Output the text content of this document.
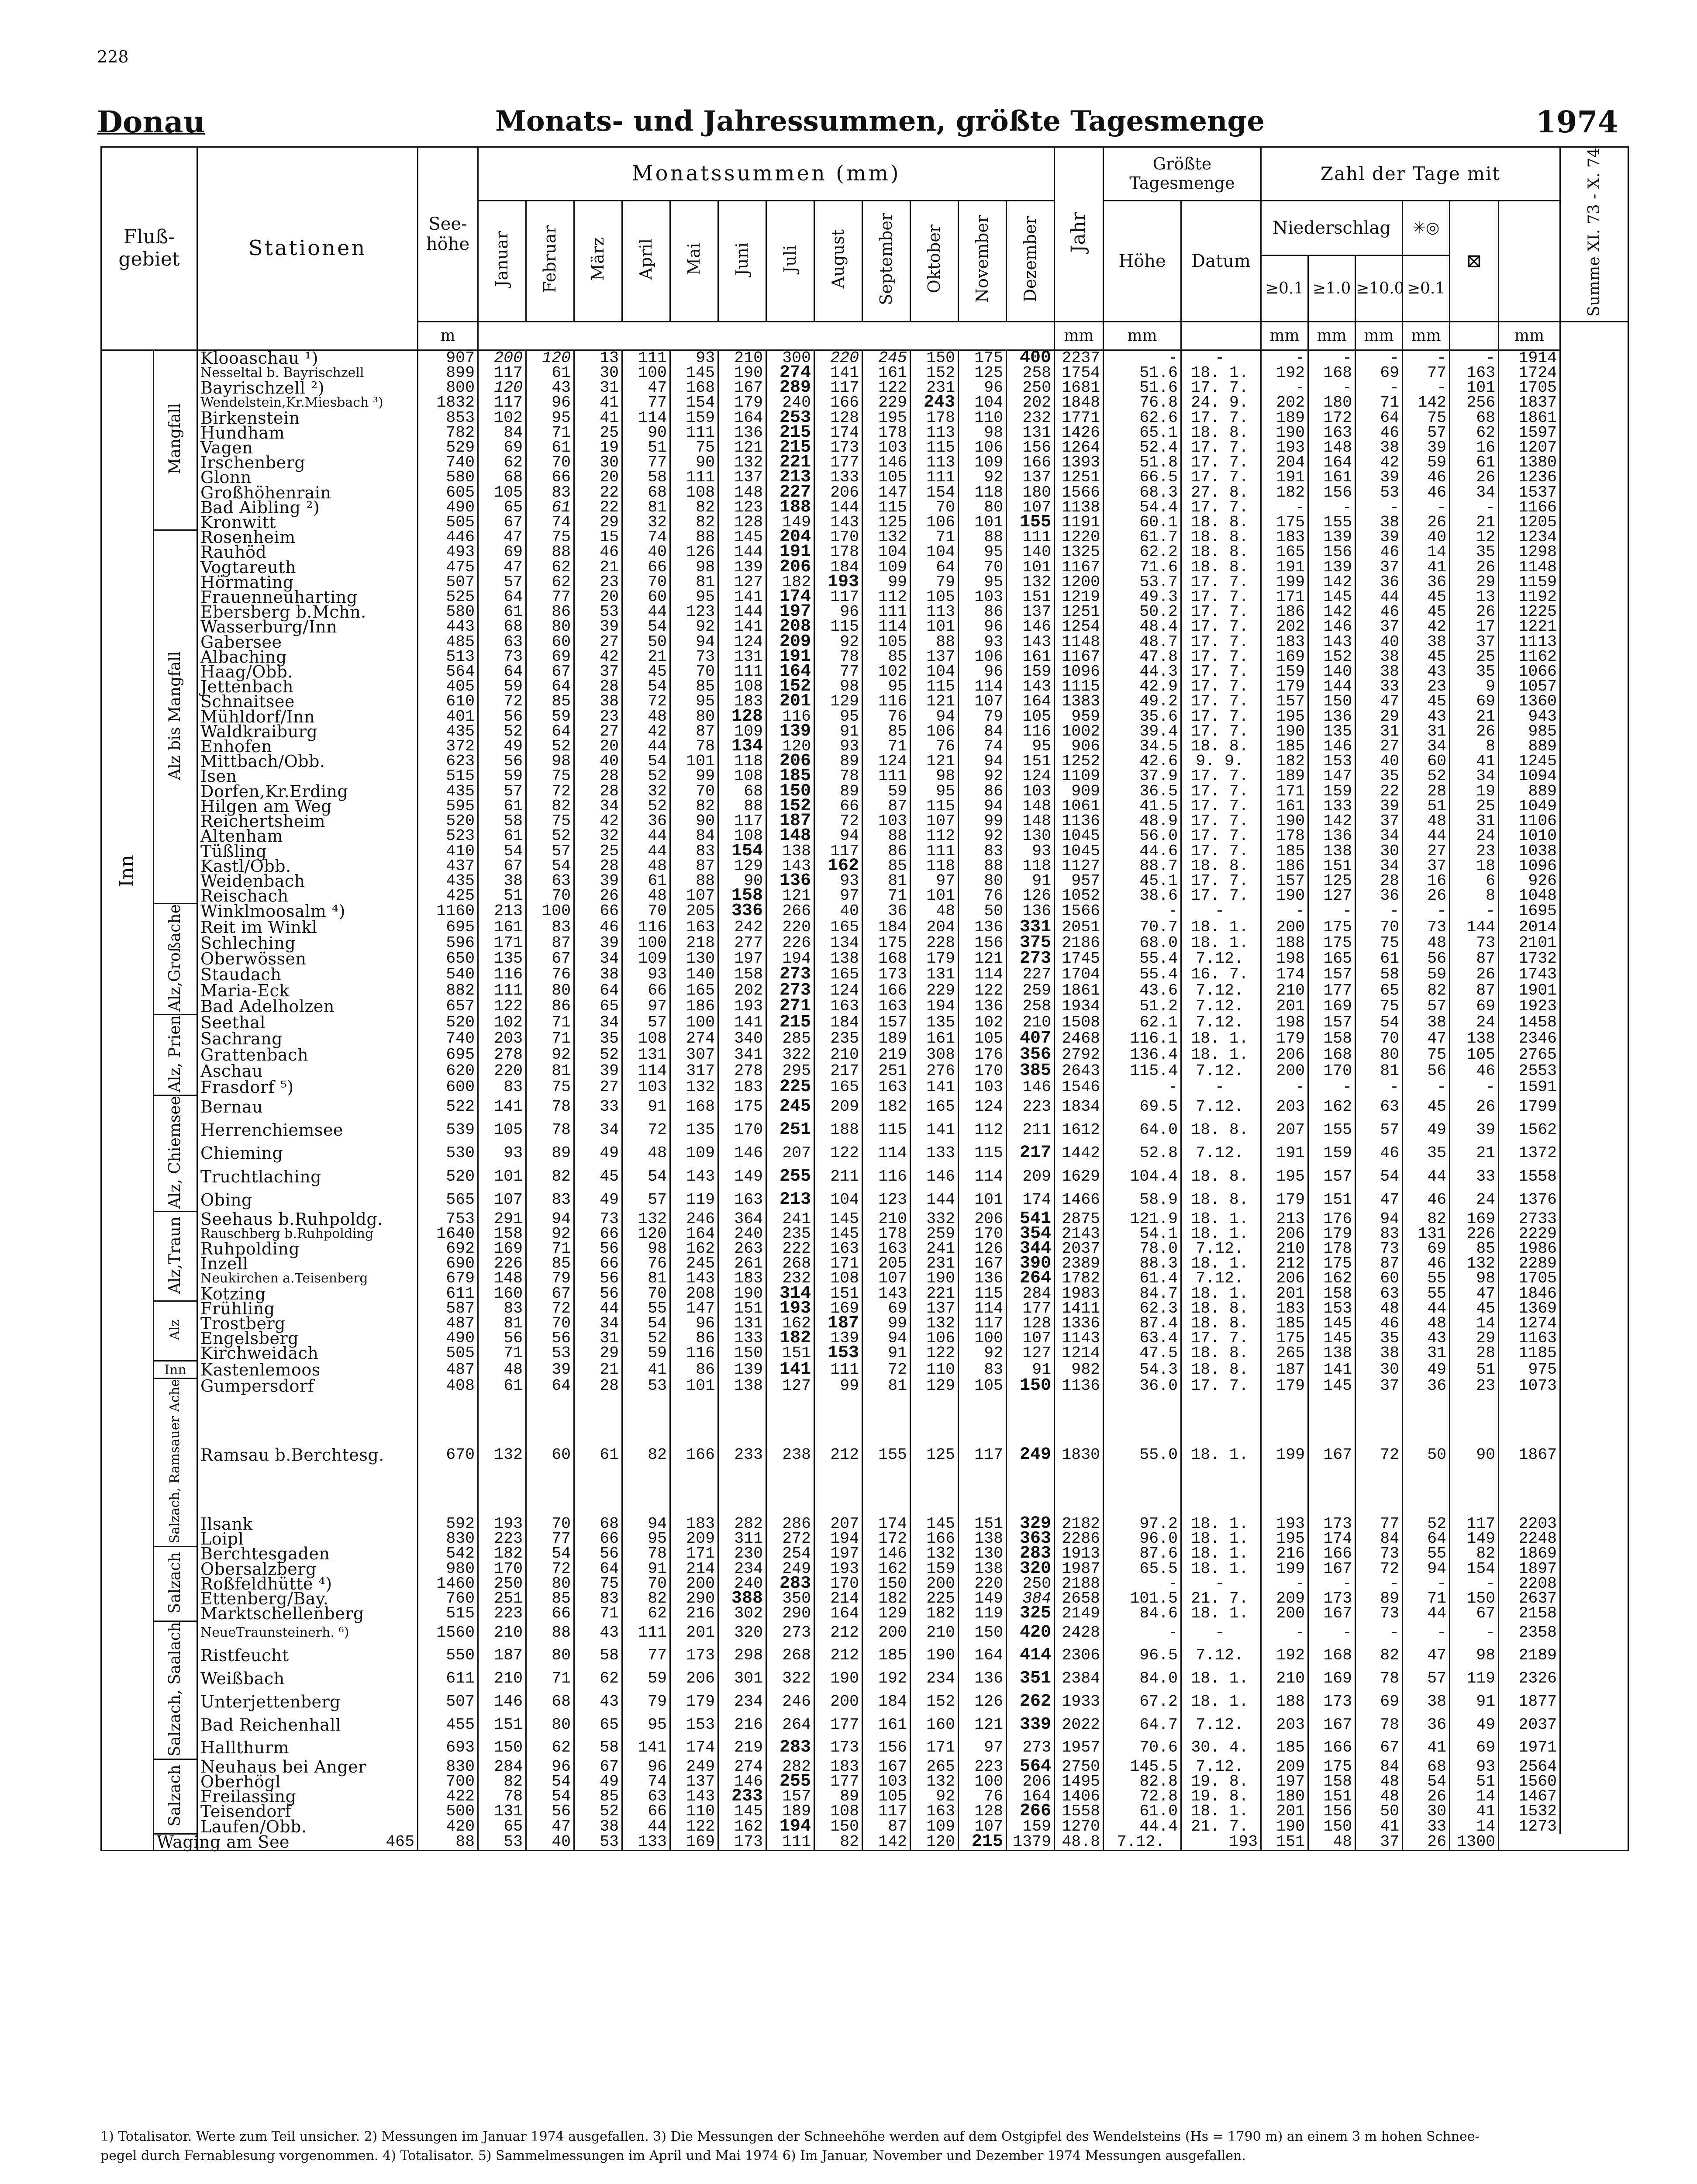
228
Donau	Monats- und Jahressummen, größte Tagesmenge	1974
Fluß-gebiet		Stationen	See-höhe	Monatssummen (mm)												Jahr	Größte Tagesmenge		Zahl der Tage mit						Summe XI. 73 - X. 74
				Januar	Februar	März	April	Mai	Juni	Juli	August	September	Oktober	November	Dezember		Höhe	Datum	Niederschlag			✳◎	⊠		
																			≥0.1	≥1.0	≥10.0	≥0.1			
			m													mm	mm		mm	mm	mm	mm		mm	
Inn	Mangfall	Klooaschau ¹)	907	200	120	13	111	93	210	300	220	245	150	175	400	2237	-	-	-	-	-	-	-	1914	
		Nesseltal b. Bayrischzell	899	117	61	30	100	145	190	274	141	161	152	125	258	1754	51.6	18. 1.	192	168	69	77	163	1724	
		Bayrischzell ²)	800	120	43	31	47	168	167	289	117	122	231	96	250	1681	51.6	17. 7.	-	-	-	-	101	1705	
		Wendelstein,Kr.Miesbach ³)	1832	117	96	41	77	154	179	240	166	229	243	104	202	1848	76.8	24. 9.	202	180	71	142	256	1837	
		Birkenstein	853	102	95	41	114	159	164	253	128	195	178	110	232	1771	62.6	17. 7.	189	172	64	75	68	1861	
		Hundham	782	84	71	25	90	111	136	215	174	178	113	98	131	1426	65.1	18. 8.	190	163	46	57	62	1597	
		Vagen	529	69	61	19	51	75	121	215	173	103	115	106	156	1264	52.4	17. 7.	193	148	38	39	16	1207	
		Irschenberg	740	62	70	30	77	90	132	221	177	146	113	109	166	1393	51.8	17. 7.	204	164	42	59	61	1380	
		Glonn	580	68	66	20	58	111	137	213	133	105	111	92	137	1251	66.5	17. 7.	191	161	39	46	26	1236	
		Großhöhenrain	605	105	83	22	68	108	148	227	206	147	154	118	180	1566	68.3	27. 8.	182	156	53	46	34	1537	
		Bad Aibling ²)	490	65	61	22	81	82	123	188	144	115	70	80	107	1138	54.4	17. 7.	-	-	-	-	-	1166	
		Kronwitt	505	67	74	29	32	82	128	149	143	125	106	101	155	1191	60.1	18. 8.	175	155	38	26	21	1205	
	Alz bis Mangfall	Rosenheim	446	47	75	15	74	88	145	204	170	132	71	88	111	1220	61.7	18. 8.	183	139	39	40	12	1234	
		Rauhöd	493	69	88	46	40	126	144	191	178	104	104	95	140	1325	62.2	18. 8.	165	156	46	14	35	1298	
		Vogtareuth	475	47	62	21	66	98	139	206	184	109	64	70	101	1167	71.6	18. 8.	191	139	37	41	26	1148	
		Hörmating	507	57	62	23	70	81	127	182	193	99	79	95	132	1200	53.7	17. 7.	199	142	36	36	29	1159	
		Frauenneuharting	525	64	77	20	60	95	141	174	117	112	105	103	151	1219	49.3	17. 7.	171	145	44	45	13	1192	
		Ebersberg b.Mchn.	580	61	86	53	44	123	144	197	96	111	113	86	137	1251	50.2	17. 7.	186	142	46	45	26	1225	
		Wasserburg/Inn	443	68	80	39	54	92	141	208	115	114	101	96	146	1254	48.4	17. 7.	202	146	37	42	17	1221	
		Gabersee	485	63	60	27	50	94	124	209	92	105	88	93	143	1148	48.7	17. 7.	183	143	40	38	37	1113	
		Albaching	513	73	69	42	21	73	131	191	78	85	137	106	161	1167	47.8	17. 7.	169	152	38	45	25	1162	
		Haag/Obb.	564	64	67	37	45	70	111	164	77	102	104	96	159	1096	44.3	17. 7.	159	140	38	43	35	1066	
		Jettenbach	405	59	64	28	54	85	108	152	98	95	115	114	143	1115	42.9	17. 7.	179	144	33	23	9	1057	
		Schnaitsee	610	72	85	38	72	95	183	201	129	116	121	107	164	1383	49.2	17. 7.	157	150	47	45	69	1360	
		Mühldorf/Inn	401	56	59	23	48	80	128	116	95	76	94	79	105	959	35.6	17. 7.	195	136	29	43	21	943	
		Waldkraiburg	435	52	64	27	42	87	109	139	91	85	106	84	116	1002	39.4	17. 7.	190	135	31	31	26	985	
		Enhofen	372	49	52	20	44	78	134	120	93	71	76	74	95	906	34.5	18. 8.	185	146	27	34	8	889	
		Mittbach/Obb.	623	56	98	40	54	101	118	206	89	124	121	94	151	1252	42.6	9. 9.	182	153	40	60	41	1245	
		Isen	515	59	75	28	52	99	108	185	78	111	98	92	124	1109	37.9	17. 7.	189	147	35	52	34	1094	
		Dorfen,Kr.Erding	435	57	72	28	32	70	68	150	89	59	95	86	103	909	36.5	17. 7.	171	159	22	28	19	889	
		Hilgen am Weg	595	61	82	34	52	82	88	152	66	87	115	94	148	1061	41.5	17. 7.	161	133	39	51	25	1049	
		Reichertsheim	520	58	75	42	36	90	117	187	72	103	107	99	148	1136	48.9	17. 7.	190	142	37	48	31	1106	
		Altenham	523	61	52	32	44	84	108	148	94	88	112	92	130	1045	56.0	17. 7.	178	136	34	44	24	1010	
		Tüßling	410	54	57	25	44	83	154	138	117	86	111	83	93	1045	44.6	17. 7.	185	138	30	27	23	1038	
		Kastl/Obb.	437	67	54	28	48	87	129	143	162	85	118	88	118	1127	88.7	18. 8.	186	151	34	37	18	1096	
		Weidenbach	435	38	63	39	61	88	90	136	93	81	97	80	91	957	45.1	17. 7.	157	125	28	16	6	926	
		Reischach	425	51	70	26	48	107	158	121	97	71	101	76	126	1052	38.6	17. 7.	190	127	36	26	8	1048	
	Alz,Großache	Winklmoosalm ⁴)	1160	213	100	66	70	205	336	266	40	36	48	50	136	1566	-	-	-	-	-	-	-	1695	
		Reit im Winkl	695	161	83	46	116	163	242	220	165	184	204	136	331	2051	70.7	18. 1.	200	175	70	73	144	2014	
		Schleching	596	171	87	39	100	218	277	226	134	175	228	156	375	2186	68.0	18. 1.	188	175	75	48	73	2101	
		Oberwössen	650	135	67	34	109	130	197	194	138	168	179	121	273	1745	55.4	7.12.	198	165	61	56	87	1732	
		Staudach	540	116	76	38	93	140	158	273	165	173	131	114	227	1704	55.4	16. 7.	174	157	58	59	26	1743	
		Maria-Eck	882	111	80	64	66	165	202	273	124	166	229	122	259	1861	43.6	7.12.	210	177	65	82	87	1901	
		Bad Adelholzen	657	122	86	65	97	186	193	271	163	163	194	136	258	1934	51.2	7.12.	201	169	75	57	69	1923	
	Alz, Prien	Seethal	520	102	71	34	57	100	141	215	184	157	135	102	210	1508	62.1	7.12.	198	157	54	38	24	1458	
		Sachrang	740	203	71	35	108	274	340	285	235	189	161	105	407	2468	116.1	18. 1.	179	158	70	47	138	2346	
		Grattenbach	695	278	92	52	131	307	341	322	210	219	308	176	356	2792	136.4	18. 1.	206	168	80	75	105	2765	
		Aschau	620	220	81	39	114	317	278	295	217	251	276	170	385	2643	115.4	7.12.	200	170	81	56	46	2553	
		Frasdorf ⁵)	600	83	75	27	103	132	183	225	165	163	141	103	146	1546	-	-	-	-	-	-	-	1591	
	Alz, Chiemsee	Bernau	522	141	78	33	91	168	175	245	209	182	165	124	223	1834	69.5	7.12.	203	162	63	45	26	1799	
		Herrenchiemsee	539	105	78	34	72	135	170	251	188	115	141	112	211	1612	64.0	18. 8.	207	155	57	49	39	1562	
		Chieming	530	93	89	49	48	109	146	207	122	114	133	115	217	1442	52.8	7.12.	191	159	46	35	21	1372	
		Truchtlaching	520	101	82	45	54	143	149	255	211	116	146	114	209	1629	104.4	18. 8.	195	157	54	44	33	1558	
		Obing	565	107	83	49	57	119	163	213	104	123	144	101	174	1466	58.9	18. 8.	179	151	47	46	24	1376	
	Alz,Traun	Seehaus b.Ruhpoldg.	753	291	94	73	132	246	364	241	145	210	332	206	541	2875	121.9	18. 1.	213	176	94	82	169	2733	
		Rauschberg b.Ruhpolding	1640	158	92	66	120	164	240	235	145	178	259	170	354	2143	54.1	18. 1.	206	179	83	131	226	2229	
		Ruhpolding	692	169	71	56	98	162	263	222	163	163	241	126	344	2037	78.0	7.12.	210	178	73	69	85	1986	
		Inzell	690	226	85	66	76	245	261	268	171	205	231	167	390	2389	88.3	18. 1.	212	175	87	46	132	2289	
		Neukirchen a.Teisenberg	679	148	79	56	81	143	183	232	108	107	190	136	264	1782	61.4	7.12.	206	162	60	55	98	1705	
		Kotzing	611	160	67	56	70	208	190	314	151	143	221	115	284	1983	84.7	18. 1.	201	158	63	55	47	1846	
	Alz	Frühling	587	83	72	44	55	147	151	193	169	69	137	114	177	1411	62.3	18. 8.	183	153	48	44	45	1369	
		Trostberg	487	81	70	34	54	96	131	162	187	99	132	117	128	1336	87.4	18. 8.	185	145	46	48	14	1274	
		Engelsberg	490	56	56	31	52	86	133	182	139	94	106	100	107	1143	63.4	17. 7.	175	145	35	43	29	1163	
		Kirchweidach	505	71	53	29	59	116	150	151	153	91	122	92	127	1214	47.5	18. 8.	265	138	38	31	28	1185	
	Inn	Kastenlemoos	487	48	39	21	41	86	139	141	111	72	110	83	91	982	54.3	18. 8.	187	141	30	49	51	975	
	Salzach, Ramsauer Ache	Gumpersdorf	408	61	64	28	53	101	138	127	99	81	129	105	150	1136	36.0	17. 7.	179	145	37	36	23	1073	
		Ramsau b.Berchtesg.	670	132	60	61	82	166	233	238	212	155	125	117	249	1830	55.0	18. 1.	199	167	72	50	90	1867	
		Ilsank	592	193	70	68	94	183	282	286	207	174	145	151	329	2182	97.2	18. 1.	193	173	77	52	117	2203	
		Loipl	830	223	77	66	95	209	311	272	194	172	166	138	363	2286	96.0	18. 1.	195	174	84	64	149	2248	
	Salzach	Berchtesgaden	542	182	54	56	78	171	230	254	197	146	132	130	283	1913	87.6	18. 1.	216	166	73	55	82	1869	
		Obersalzberg	980	170	72	64	91	214	234	249	193	162	159	138	320	1987	65.5	18. 1.	199	167	72	94	154	1897	
		Roßfeldhütte ⁴)	1460	250	80	75	70	200	240	283	170	150	200	220	250	2188	-	-	-	-	-	-	-	2208	
		Ettenberg/Bay.	760	251	85	83	82	290	388	350	214	182	225	149	384	2658	101.5	21. 7.	209	173	89	71	150	2637	
		Marktschellenberg	515	223	66	71	62	216	302	290	164	129	182	119	325	2149	84.6	18. 1.	200	167	73	44	67	2158	
	Salzach, Saalach	NeueTraunsteinerh. ⁶)	1560	210	88	43	111	201	320	273	212	200	210	150	420	2428	-	-	-	-	-	-	-	2358	
		Ristfeucht	550	187	80	58	77	173	298	268	212	185	190	164	414	2306	96.5	7.12.	192	168	82	47	98	2189	
		Weißbach	611	210	71	62	59	206	301	322	190	192	234	136	351	2384	84.0	18. 1.	210	169	78	57	119	2326	
		Unterjettenberg	507	146	68	43	79	179	234	246	200	184	152	126	262	1933	67.2	18. 1.	188	173	69	38	91	1877	
		Bad Reichenhall	455	151	80	65	95	153	216	264	177	161	160	121	339	2022	64.7	7.12.	203	167	78	36	49	2037	
		Hallthurm	693	150	62	58	141	174	219	283	173	156	171	97	273	1957	70.6	30. 4.	185	166	67	41	69	1971	
	Salzach	Neuhaus bei Anger	830	284	96	67	96	249	274	282	183	167	265	223	564	2750	145.5	7.12.	209	175	84	68	93	2564	
		Oberhögl	700	82	54	49	74	137	146	255	177	103	132	100	206	1495	82.8	19. 8.	197	158	48	54	51	1560	
		Freilassing	422	78	54	85	63	143	233	157	89	105	92	76	164	1406	72.8	19. 8.	180	151	48	26	14	1467	
		Teisendorf	500	131	56	52	66	110	145	189	108	117	163	128	266	1558	61.0	18. 1.	201	156	50	30	41	1532	
		Laufen/Obb.	420	65	47	38	44	122	162	194	150	87	109	107	159	1270	44.4	21. 7.	190	150	41	33	14	1273	
	Waging am See	465	88	53	40	53	133	169	173	111	82	142	120	215	1379	48.8	7.12.	193	151	48	37	26	1300		
1) Totalisator. Werte zum Teil unsicher. 2) Messungen im Januar 1974 ausgefallen. 3) Die Messungen der Schneehöhe werden auf dem Ostgipfel des Wendelsteins (Hs = 1790 m) an einem 3 m hohen Schnee-
pegel durch Fernablesung vorgenommen. 4) Totalisator. 5) Sammelmessungen im April und Mai 1974 6) Im Januar, November und Dezember 1974 Messungen ausgefallen.
